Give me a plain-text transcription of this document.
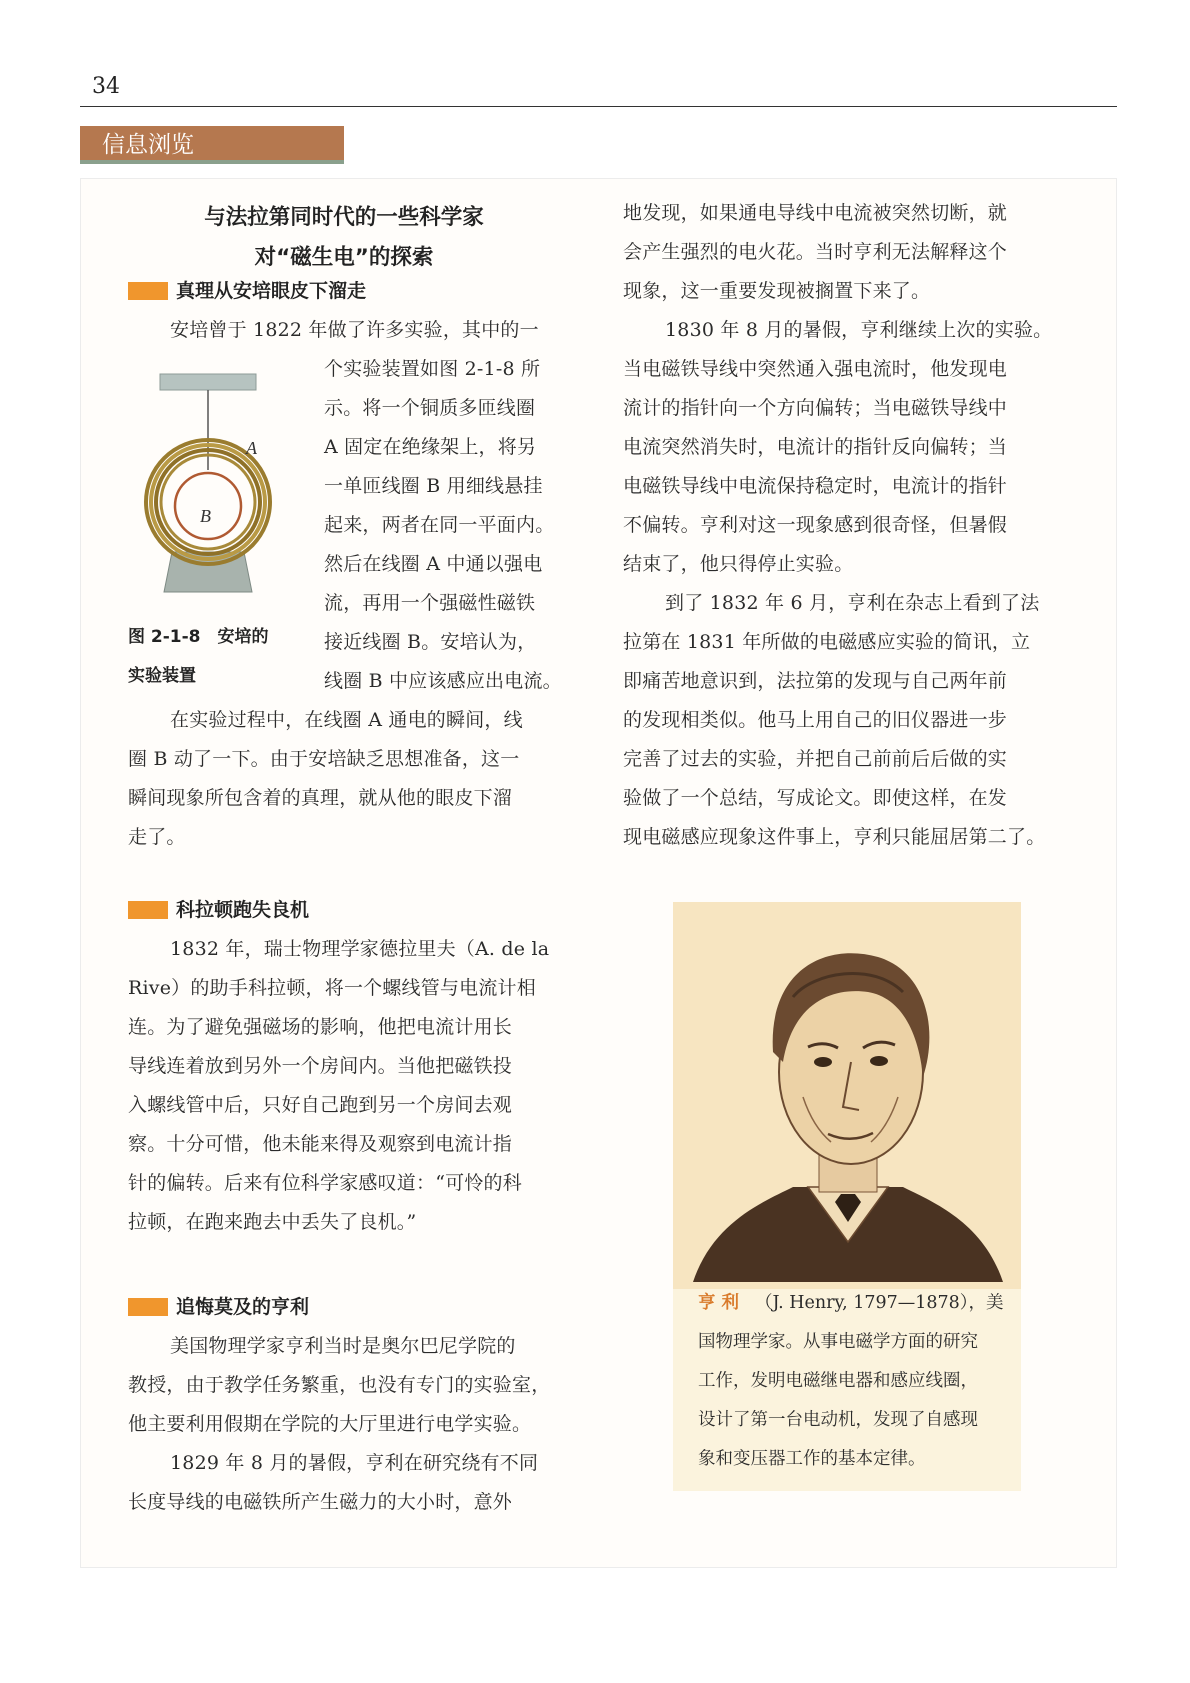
34
信息浏览
与法拉第同时代的一些科学家
对“磁生电”的探索
真理从安培眼皮下溜走
安培曾于 1822 年做了许多实验，其中的一
个实验装置如图 2-1-8 所
示。将一个铜质多匝线圈
A 固定在绝缘架上，将另
一单匝线圈 B 用细线悬挂
起来，两者在同一平面内。
然后在线圈 A 中通以强电
流，再用一个强磁性磁铁
接近线圈 B。安培认为，
线圈 B 中应该感应出电流。
在实验过程中，在线圈 A 通电的瞬间，线
圈 B 动了一下。由于安培缺乏思想准备，这一
瞬间现象所包含着的真理，就从他的眼皮下溜
走了。
A
B
图 2-1-8　安培的
实验装置
科拉顿跑失良机
1832 年，瑞士物理学家德拉里夫（A. de la
Rive）的助手科拉顿，将一个螺线管与电流计相
连。为了避免强磁场的影响，他把电流计用长
导线连着放到另外一个房间内。当他把磁铁投
入螺线管中后，只好自己跑到另一个房间去观
察。十分可惜，他未能来得及观察到电流计指
针的偏转。后来有位科学家感叹道：“可怜的科
拉顿，在跑来跑去中丢失了良机。”
追悔莫及的亨利
美国物理学家亨利当时是奥尔巴尼学院的
教授，由于教学任务繁重，也没有专门的实验室，
他主要利用假期在学院的大厅里进行电学实验。
1829 年 8 月的暑假，亨利在研究绕有不同
长度导线的电磁铁所产生磁力的大小时，意外
地发现，如果通电导线中电流被突然切断，就
会产生强烈的电火花。当时亨利无法解释这个
现象，这一重要发现被搁置下来了。
1830 年 8 月的暑假，亨利继续上次的实验。
当电磁铁导线中突然通入强电流时，他发现电
流计的指针向一个方向偏转；当电磁铁导线中
电流突然消失时，电流计的指针反向偏转；当
电磁铁导线中电流保持稳定时，电流计的指针
不偏转。亨利对这一现象感到很奇怪，但暑假
结束了，他只得停止实验。
到了 1832 年 6 月，亨利在杂志上看到了法
拉第在 1831 年所做的电磁感应实验的简讯，立
即痛苦地意识到，法拉第的发现与自己两年前
的发现相类似。他马上用自己的旧仪器进一步
完善了过去的实验，并把自己前前后后做的实
验做了一个总结，写成论文。即使这样，在发
现电磁感应现象这件事上，亨利只能屈居第二了。
亨利 （J. Henry, 1797—1878），美
国物理学家。从事电磁学方面的研究
工作，发明电磁继电器和感应线圈，
设计了第一台电动机，发现了自感现
象和变压器工作的基本定律。
